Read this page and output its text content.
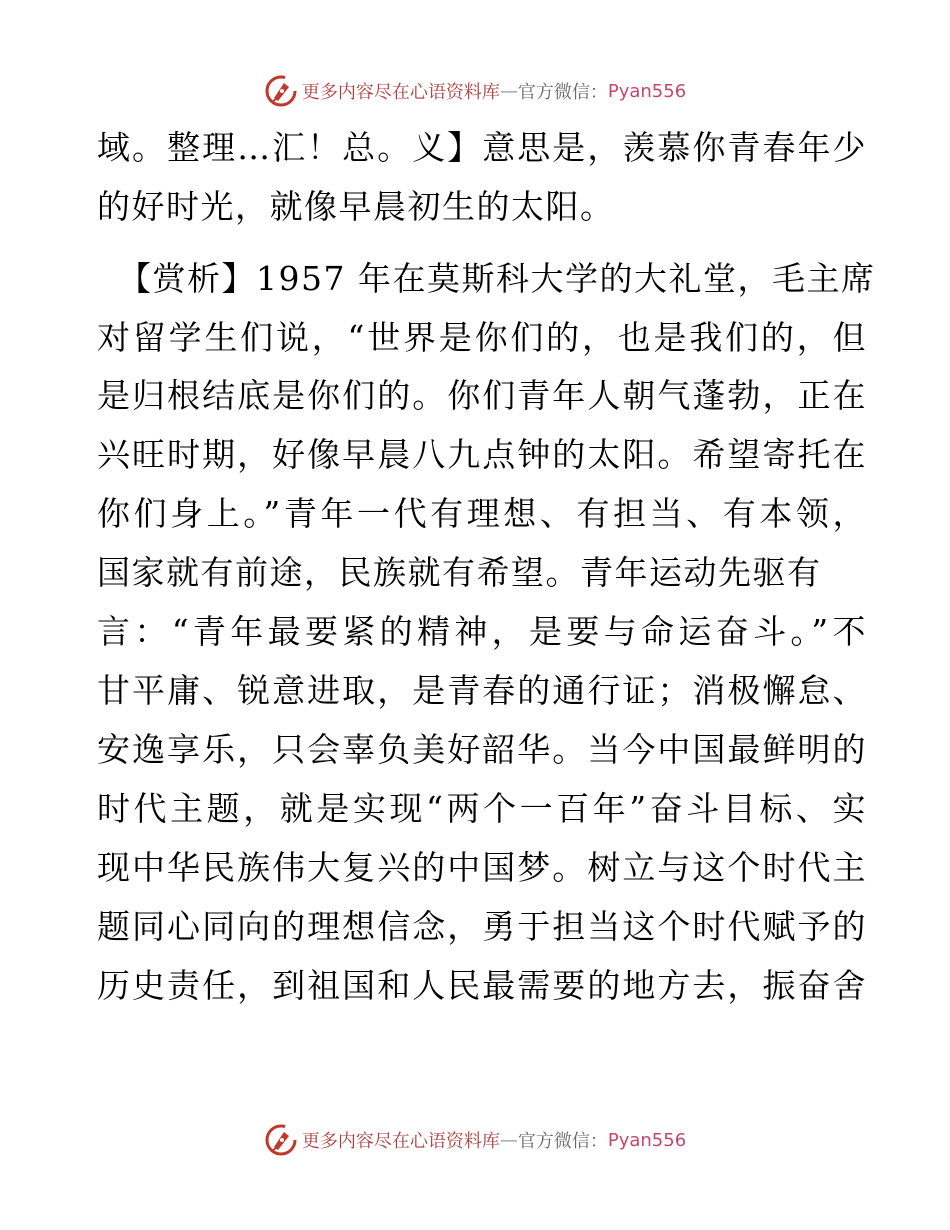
更多内容尽在心语资料库 — 官方微信： Pyan556
域。整理…汇！总。义】意思是，羡慕你青春年少
的好时光，就像早晨初生的太阳。
【赏析】1957 年在莫斯科大学的大礼堂，毛主席
对留学生们说，“世界是你们的，也是我们的，但
是归根结底是你们的。你们青年人朝气蓬勃，正在
兴旺时期，好像早晨八九点钟的太阳。希望寄托在
你们身上。”青年一代有理想、有担当、有本领，
国家就有前途，民族就有希望。青年运动先驱有
言：“青年最要紧的精神，是要与命运奋斗。”不
甘平庸、锐意进取，是青春的通行证；消极懈怠、
安逸享乐，只会辜负美好韶华。当今中国最鲜明的
时代主题，就是实现“两个一百年”奋斗目标、实
现中华民族伟大复兴的中国梦。树立与这个时代主
题同心同向的理想信念，勇于担当这个时代赋予的
历史责任，到祖国和人民最需要的地方去，振奋舍
更多内容尽在心语资料库 — 官方微信： Pyan556
